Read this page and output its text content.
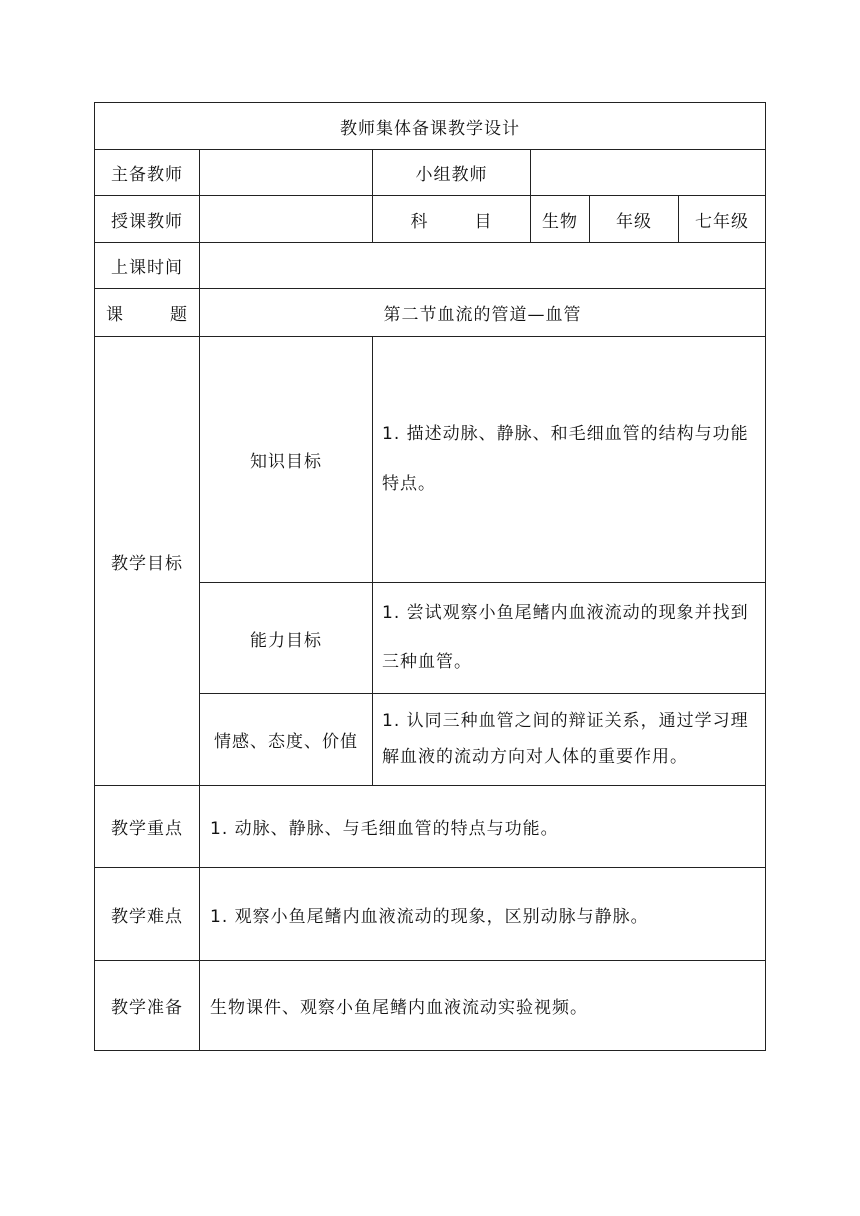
教师集体备课教学设计					
主备教师		小组教师			
授课教师		科 目	生物	年级	七年级
上课时间					
课 题	第二节血流的管道—血管				
教学目标	知识目标	1. 描述动脉、静脉、和毛细血管的结构与功能特点。			
	能力目标	1. 尝试观察小鱼尾鳍内血液流动的现象并找到三种血管。			
	情感、态度、价值	1. 认同三种血管之间的辩证关系，通过学习理解血液的流动方向对人体的重要作用。			
教学重点	1. 动脉、静脉、与毛细血管的特点与功能。				
教学难点	1. 观察小鱼尾鳍内血液流动的现象，区别动脉与静脉。				
教学准备	生物课件、观察小鱼尾鳍内血液流动实验视频。				
